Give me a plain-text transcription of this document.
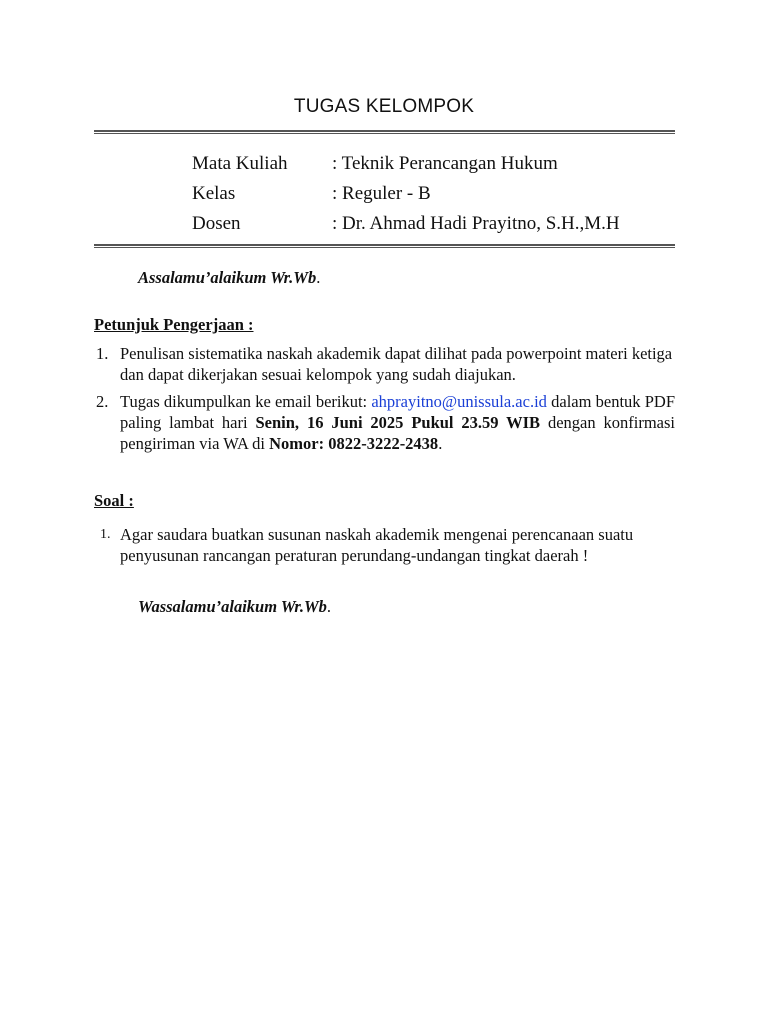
TUGAS KELOMPOK
Mata Kuliah	: Teknik Perancangan Hukum
Kelas	: Reguler - B
Dosen	: Dr. Ahmad Hadi Prayitno, S.H.,M.H
Assalamu’alaikum Wr.Wb.
Petunjuk Pengerjaan :
1. Penulisan sistematika naskah akademik dapat dilihat pada powerpoint materi ketiga dan dapat dikerjakan sesuai kelompok yang sudah diajukan.
2. Tugas dikumpulkan ke email berikut: ahprayitno@unissula.ac.id dalam bentuk PDF paling lambat hari Senin, 16 Juni 2025 Pukul 23.59 WIB dengan konfirmasi pengiriman via WA di Nomor: 0822-3222-2438.
Soal :
1. Agar saudara buatkan susunan naskah akademik mengenai perencanaan suatu penyusunan rancangan peraturan perundang-undangan tingkat daerah !
Wassalamu’alaikum Wr.Wb.
